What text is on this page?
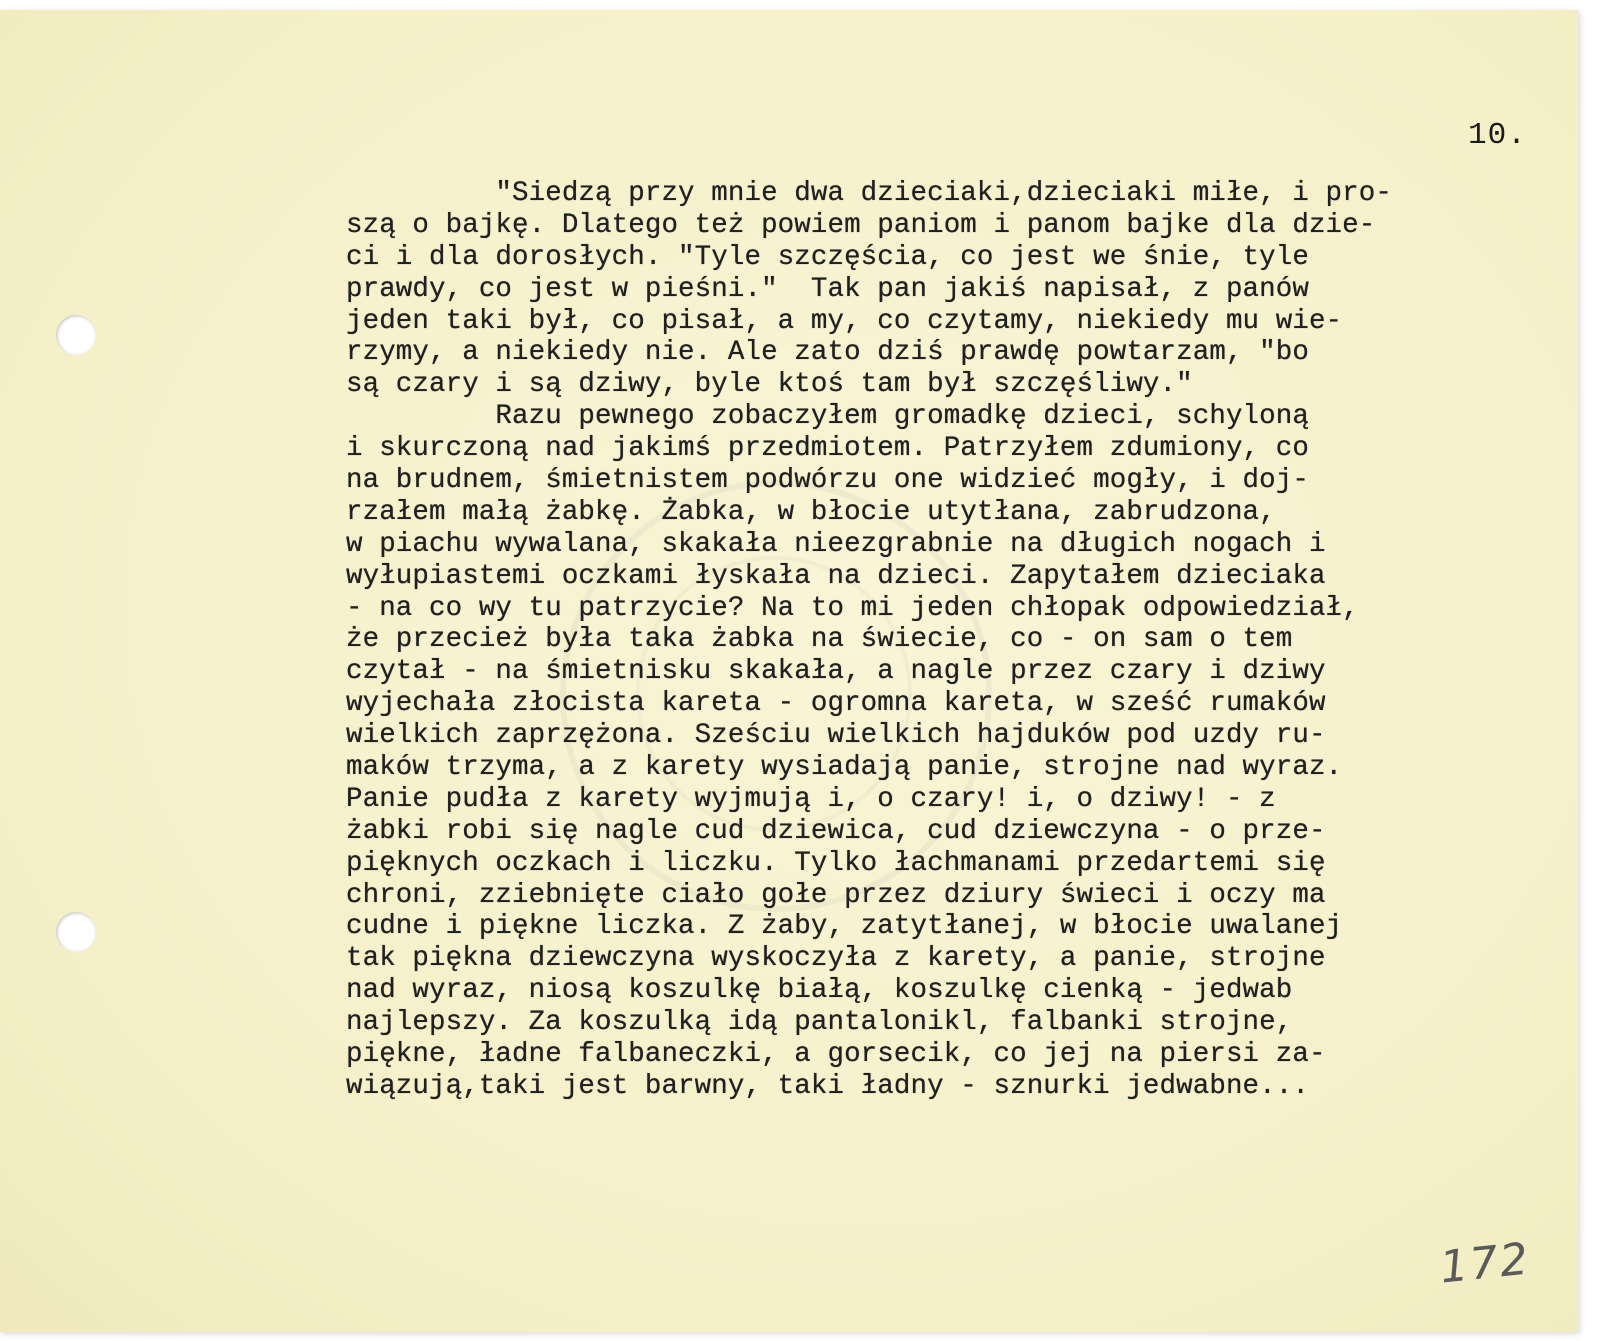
10.
"Siedzą przy mnie dwa dzieciaki,dzieciaki miłe, i pro-
szą o bajkę. Dlatego też powiem paniom i panom bajke dla dzie-
ci i dla dorosłych. "Tyle szczęścia, co jest we śnie, tyle
prawdy, co jest w pieśni."  Tak pan jakiś napisał, z panów
jeden taki był, co pisał, a my, co czytamy, niekiedy mu wie-
rzymy, a niekiedy nie. Ale zato dziś prawdę powtarzam, "bo
są czary i są dziwy, byle ktoś tam był szczęśliwy."
Razu pewnego zobaczyłem gromadkę dzieci, schyloną
i skurczoną nad jakimś przedmiotem. Patrzyłem zdumiony, co
na brudnem, śmietnistem podwórzu one widzieć mogły, i doj-
rzałem małą żabkę. Żabka, w błocie utytłana, zabrudzona,
w piachu wywalana, skakała nieezgrabnie na długich nogach i
wyłupiastemi oczkami łyskała na dzieci. Zapytałem dzieciaka
- na co wy tu patrzycie? Na to mi jeden chłopak odpowiedział,
że przecież była taka żabka na świecie, co - on sam o tem
czytał - na śmietnisku skakała, a nagle przez czary i dziwy
wyjechała złocista kareta - ogromna kareta, w sześć rumaków
wielkich zaprzężona. Sześciu wielkich hajduków pod uzdy ru-
maków trzyma, a z karety wysiadają panie, strojne nad wyraz.
Panie pudła z karety wyjmują i, o czary! i, o dziwy! - z
żabki robi się nagle cud dziewica, cud dziewczyna - o prze-
pięknych oczkach i liczku. Tylko łachmanami przedartemi się
chroni, zziebnięte ciało gołe przez dziury świeci i oczy ma
cudne i piękne liczka. Z żaby, zatytłanej, w błocie uwalanej
tak piękna dziewczyna wyskoczyła z karety, a panie, strojne
nad wyraz, niosą koszulkę białą, koszulkę cienką - jedwab
najlepszy. Za koszulką idą pantalonikl, falbanki strojne,
piękne, ładne falbaneczki, a gorsecik, co jej na piersi za-
wiązują,taki jest barwny, taki ładny - sznurki jedwabne...
172
